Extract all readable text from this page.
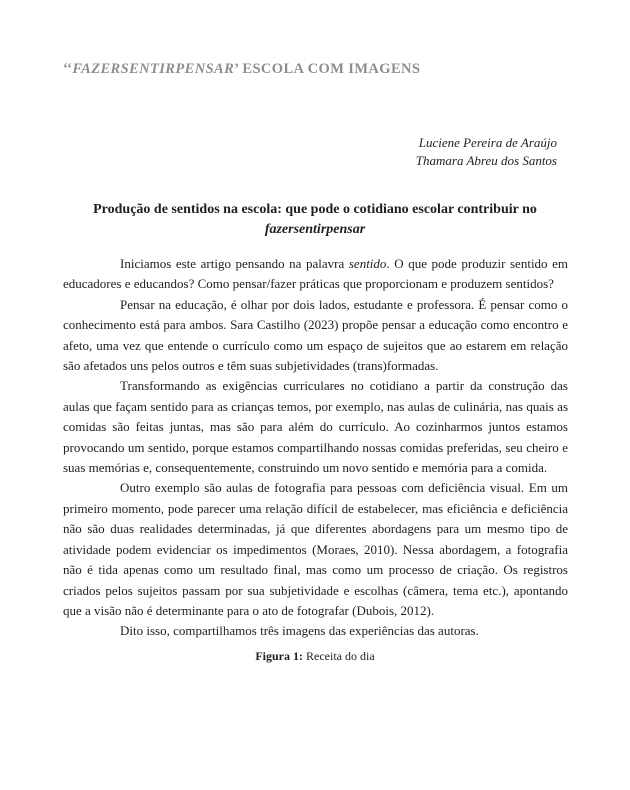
‘‘FAZERSENTIRPENSAR’ ESCOLA COM IMAGENS
Luciene Pereira de Araújo
Thamara Abreu dos Santos
Produção de sentidos na escola: que pode o cotidiano escolar contribuir no
fazersentirpensar

Iniciamos este artigo pensando na palavra sentido. O que pode produzir sentido em educadores e educandos? Como pensar/fazer práticas que proporcionam e produzem sentidos?

Pensar na educação, é olhar por dois lados, estudante e professora. É pensar como o conhecimento está para ambos. Sara Castilho (2023) propõe pensar a educação como encontro e afeto, uma vez que entende o currículo como um espaço de sujeitos que ao estarem em relação são afetados uns pelos outros e têm suas subjetividades (trans)formadas.

Transformando as exigências curriculares no cotidiano a partir da construção das aulas que façam sentido para as crianças temos, por exemplo, nas aulas de culinária, nas quais as comidas são feitas juntas, mas são para além do currículo. Ao cozinharmos juntos estamos provocando um sentido, porque estamos compartilhando nossas comidas preferidas, seu cheiro e suas memórias e, consequentemente, construindo um novo sentido e memória para a comida.

Outro exemplo são aulas de fotografia para pessoas com deficiência visual. Em um primeiro momento, pode parecer uma relação difícil de estabelecer, mas eficiência e deficiência não são duas realidades determinadas, já que diferentes abordagens para um mesmo tipo de atividade podem evidenciar os impedimentos (Moraes, 2010). Nessa abordagem, a fotografia não é tida apenas como um resultado final, mas como um processo de criação. Os registros criados pelos sujeitos passam por sua subjetividade e escolhas (câmera, tema etc.), apontando que a visão não é determinante para o ato de fotografar (Dubois, 2012).

Dito isso, compartilhamos três imagens das experiências das autoras.

Figura 1: Receita do dia
